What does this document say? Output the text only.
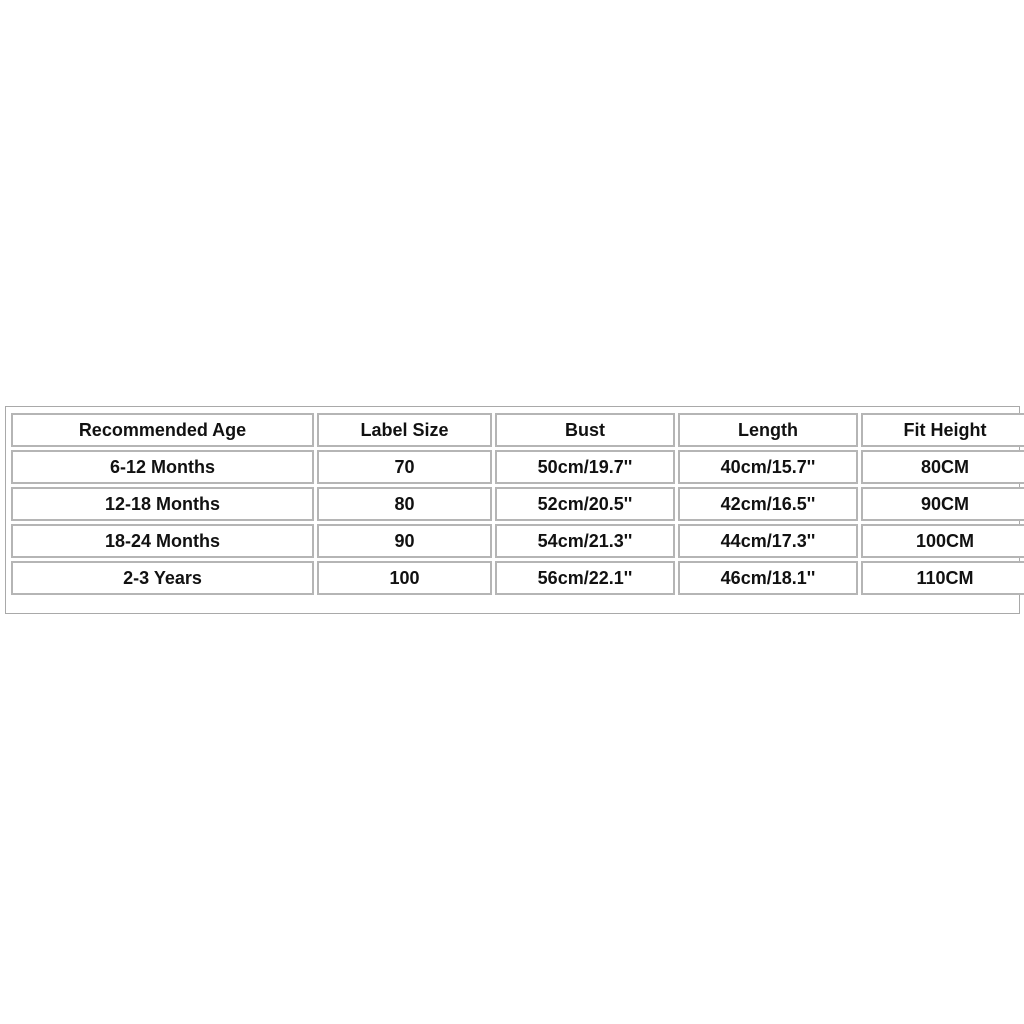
Recommended Age	Label Size	Bust	Length	Fit Height
6-12 Months	70	50cm/19.7''	40cm/15.7''	80CM
12-18 Months	80	52cm/20.5''	42cm/16.5''	90CM
18-24 Months	90	54cm/21.3''	44cm/17.3''	100CM
2-3 Years	100	56cm/22.1''	46cm/18.1''	110CM
